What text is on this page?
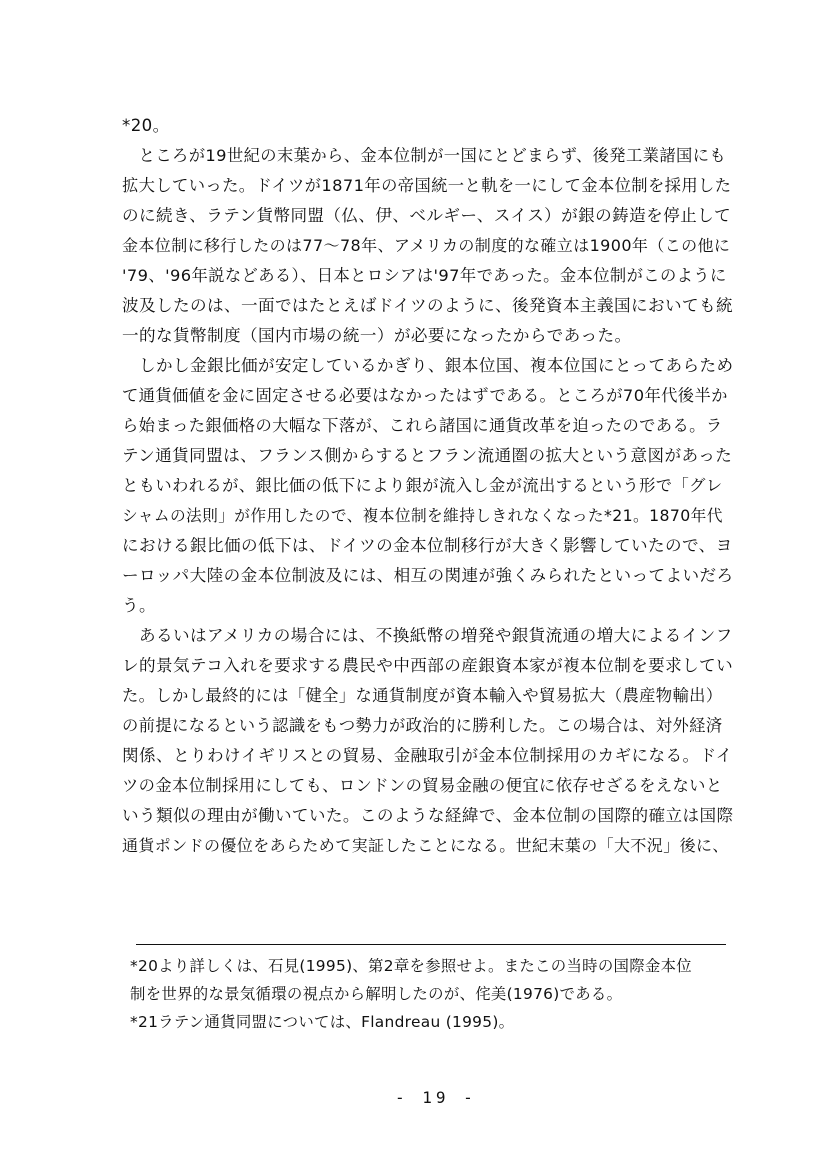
*20。
　ところが19世紀の末葉から、金本位制が一国にとどまらず、後発工業諸国にも
拡大していった。ドイツが1871年の帝国統一と軌を一にして金本位制を採用した
のに続き、ラテン貨幣同盟（仏、伊、ベルギー、スイス）が銀の鋳造を停止して
金本位制に移行したのは77～78年、アメリカの制度的な確立は1900年（この他に
'79、'96年説などある）、日本とロシアは'97年であった。金本位制がこのように
波及したのは、一面ではたとえばドイツのように、後発資本主義国においても統
一的な貨幣制度（国内市場の統一）が必要になったからであった。
　しかし金銀比価が安定しているかぎり、銀本位国、複本位国にとってあらため
て通貨価値を金に固定させる必要はなかったはずである。ところが70年代後半か
ら始まった銀価格の大幅な下落が、これら諸国に通貨改革を迫ったのである。ラ
テン通貨同盟は、フランス側からするとフラン流通圏の拡大という意図があった
ともいわれるが、銀比価の低下により銀が流入し金が流出するという形で「グレ
シャムの法則」が作用したので、複本位制を維持しきれなくなった*21。1870年代
における銀比価の低下は、ドイツの金本位制移行が大きく影響していたので、ヨ
ーロッパ大陸の金本位制波及には、相互の関連が強くみられたといってよいだろ
う。
　あるいはアメリカの場合には、不換紙幣の増発や銀貨流通の増大によるインフ
レ的景気テコ入れを要求する農民や中西部の産銀資本家が複本位制を要求してい
た。しかし最終的には「健全」な通貨制度が資本輸入や貿易拡大（農産物輸出）
の前提になるという認識をもつ勢力が政治的に勝利した。この場合は、対外経済
関係、とりわけイギリスとの貿易、金融取引が金本位制採用のカギになる。ドイ
ツの金本位制採用にしても、ロンドンの貿易金融の便宜に依存せざるをえないと
いう類似の理由が働いていた。このような経緯で、金本位制の国際的確立は国際
通貨ポンドの優位をあらためて実証したことになる。世紀末葉の「大不況」後に、
*20より詳しくは、石見(1995)、第2章を参照せよ。またこの当時の国際金本位
制を世界的な景気循環の視点から解明したのが、侘美(1976)である。
*21ラテン通貨同盟については、Flandreau (1995)。
- 19 -
